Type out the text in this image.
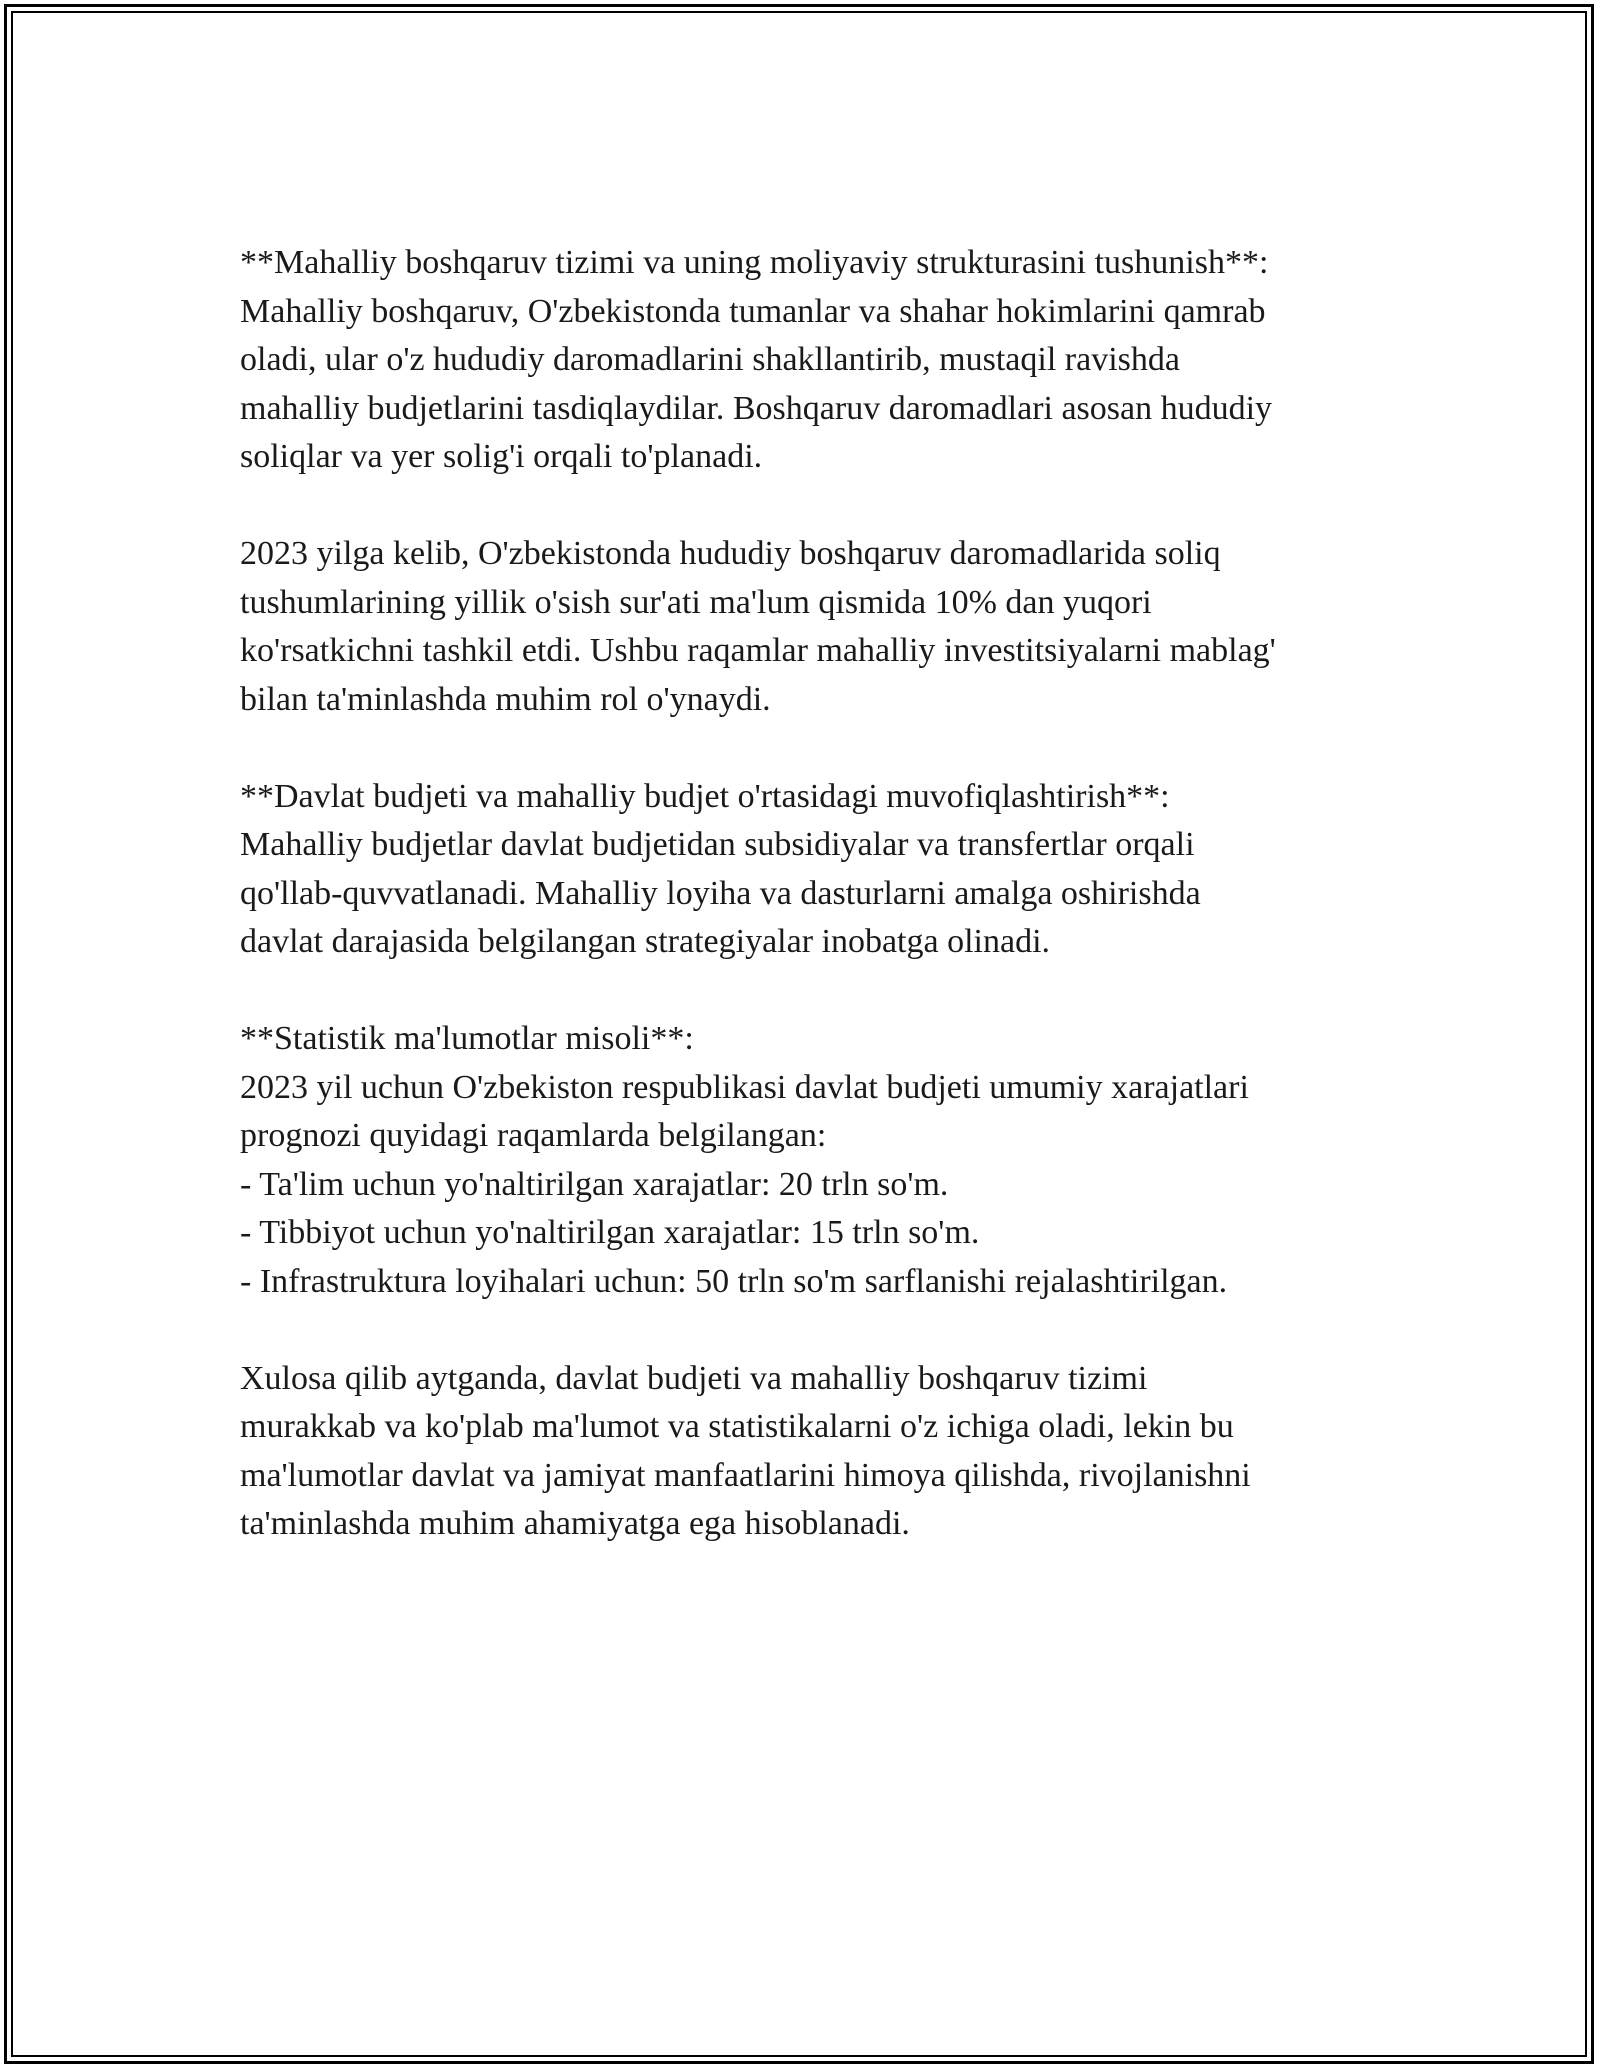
**Mahalliy boshqaruv tizimi va uning moliyaviy strukturasini tushunish**:
Mahalliy boshqaruv, O'zbekistonda tumanlar va shahar hokimlarini qamrab
oladi, ular o'z hududiy daromadlarini shakllantirib, mustaqil ravishda
mahalliy budjetlarini tasdiqlaydilar. Boshqaruv daromadlari asosan hududiy
soliqlar va yer solig'i orqali to'planadi.
2023 yilga kelib, O'zbekistonda hududiy boshqaruv daromadlarida soliq
tushumlarining yillik o'sish sur'ati ma'lum qismida 10% dan yuqori
ko'rsatkichni tashkil etdi. Ushbu raqamlar mahalliy investitsiyalarni mablag'
bilan ta'minlashda muhim rol o'ynaydi.
**Davlat budjeti va mahalliy budjet o'rtasidagi muvofiqlashtirish**:
Mahalliy budjetlar davlat budjetidan subsidiyalar va transfertlar orqali
qo'llab-quvvatlanadi. Mahalliy loyiha va dasturlarni amalga oshirishda
davlat darajasida belgilangan strategiyalar inobatga olinadi.
**Statistik ma'lumotlar misoli**:
2023 yil uchun O'zbekiston respublikasi davlat budjeti umumiy xarajatlari
prognozi quyidagi raqamlarda belgilangan:
- Ta'lim uchun yo'naltirilgan xarajatlar: 20 trln so'm.
- Tibbiyot uchun yo'naltirilgan xarajatlar: 15 trln so'm.
- Infrastruktura loyihalari uchun: 50 trln so'm sarflanishi rejalashtirilgan.
Xulosa qilib aytganda, davlat budjeti va mahalliy boshqaruv tizimi
murakkab va ko'plab ma'lumot va statistikalarni o'z ichiga oladi, lekin bu
ma'lumotlar davlat va jamiyat manfaatlarini himoya qilishda, rivojlanishni
ta'minlashda muhim ahamiyatga ega hisoblanadi.
